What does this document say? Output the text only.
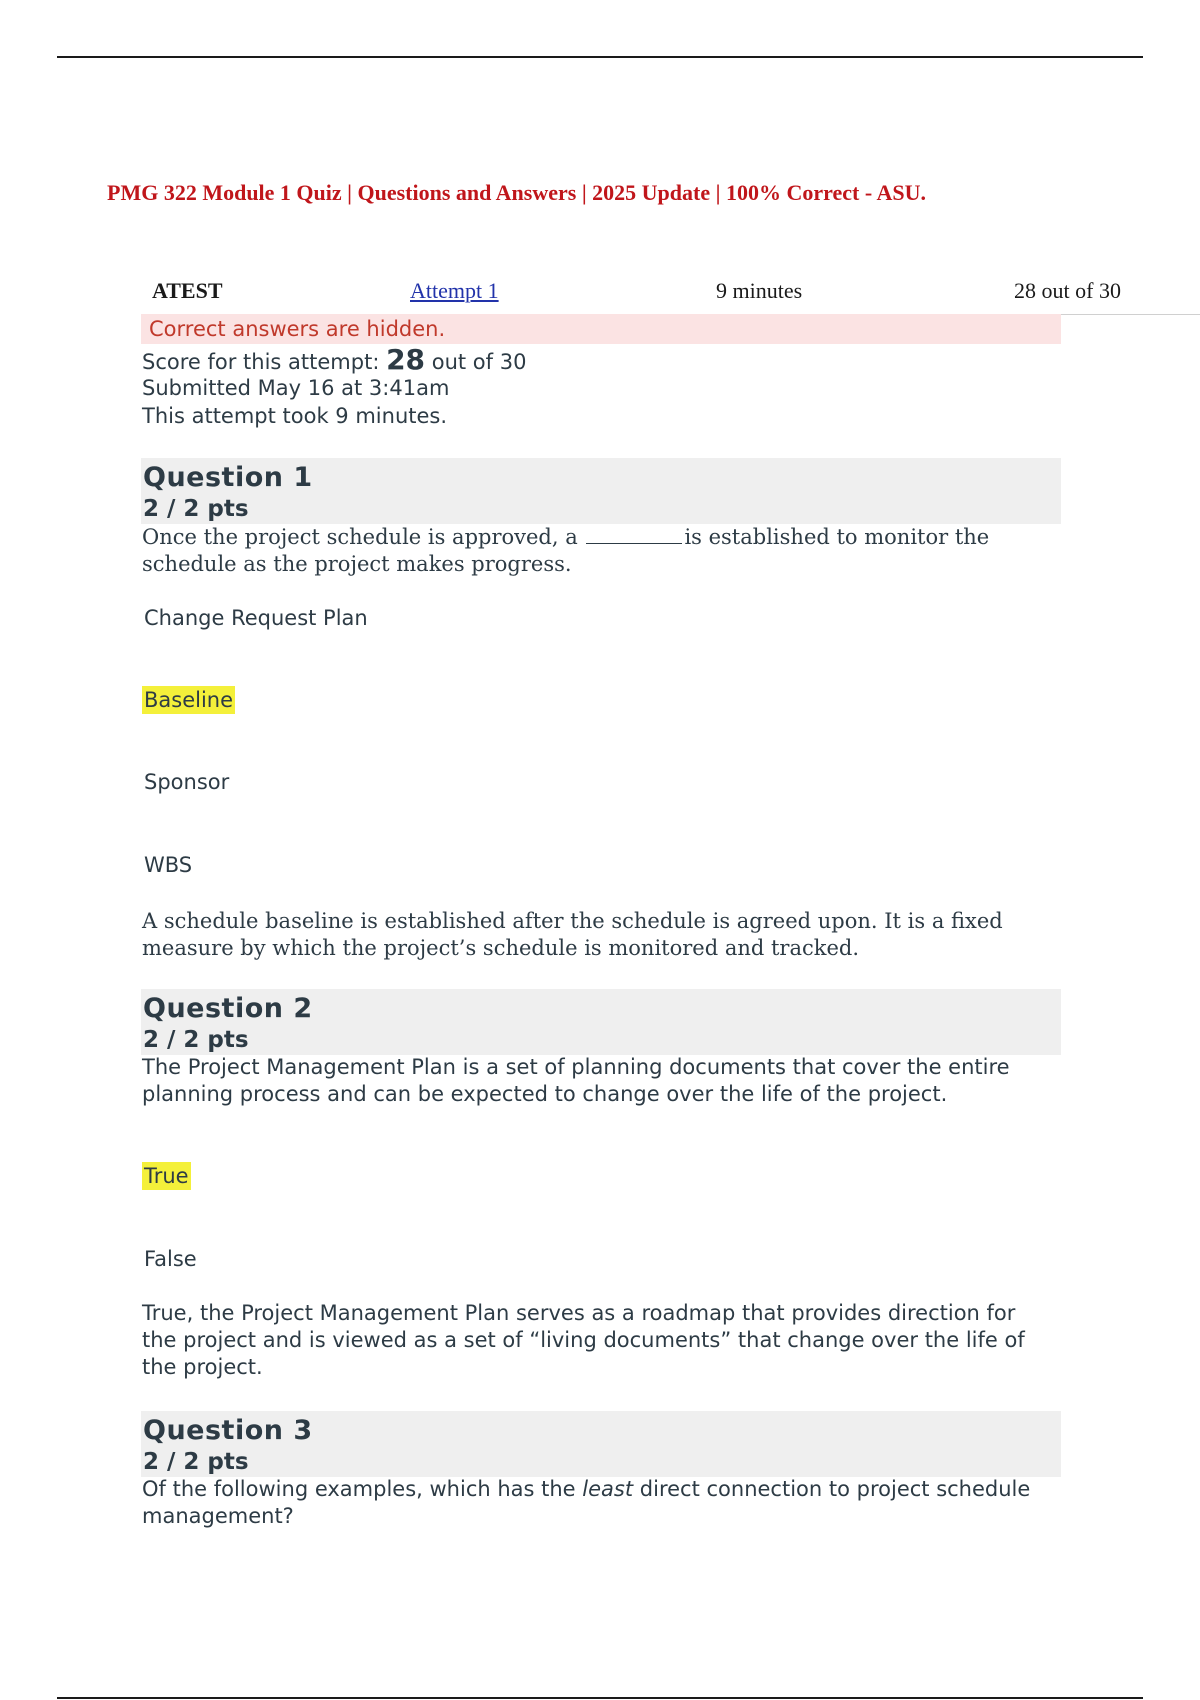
PMG 322 Module 1 Quiz | Questions and Answers | 2025 Update | 100% Correct - ASU.
ATEST	Attempt 1	9 minutes	28 out of 30
Correct answers are hidden.
Score for this attempt: 28 out of 30
Submitted May 16 at 3:41am
This attempt took 9 minutes.
Question 1
2 / 2 pts
Once the project schedule is approved, a	is established to monitor the schedule as the project makes progress.
Change Request Plan
Baseline
Sponsor
WBS
A schedule baseline is established after the schedule is agreed upon. It is a fixed measure by which the project’s schedule is monitored and tracked.
Question 2
2 / 2 pts
The Project Management Plan is a set of planning documents that cover the entire planning process and can be expected to change over the life of the project.
True
False
True, the Project Management Plan serves as a roadmap that provides direction for the project and is viewed as a set of “living documents” that change over the life of the project.
Question 3
2 / 2 pts
Of the following examples, which has the least direct connection to project schedule management?
